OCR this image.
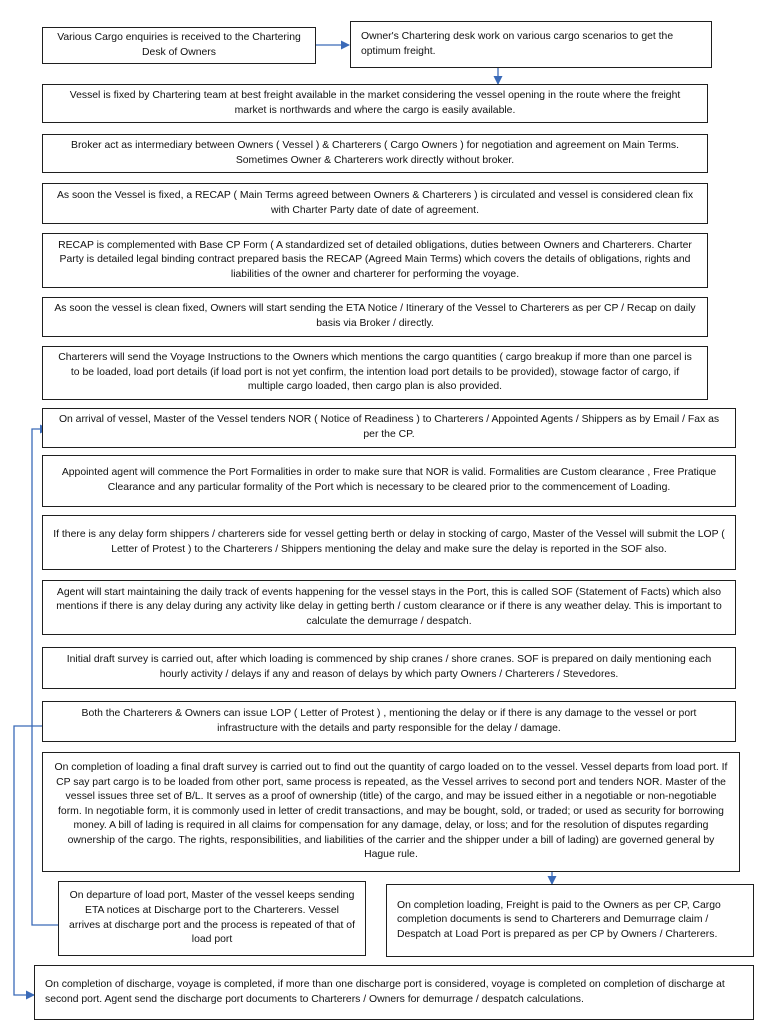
Various Cargo enquiries is received to the Chartering Desk of Owners
Owner's Chartering desk work on various cargo scenarios to get the optimum freight.
Vessel is fixed by Chartering team at best freight available in the market considering the vessel opening in the route where the freight market is northwards and where the cargo is easily available.
Broker act as intermediary between Owners ( Vessel ) & Charterers ( Cargo Owners ) for negotiation and agreement on Main Terms. Sometimes Owner & Charterers work directly without broker.
As soon the Vessel is fixed, a RECAP ( Main Terms agreed between Owners & Charterers ) is circulated and vessel is considered clean fix with Charter Party date of date of agreement.
RECAP is complemented with Base CP Form ( A standardized set of detailed obligations, duties between Owners and Charterers. Charter Party is detailed legal binding contract prepared basis the RECAP (Agreed Main Terms) which covers the details of obligations, rights and liabilities of the owner and charterer for performing the voyage.
As soon the vessel is clean fixed, Owners will start sending the ETA Notice / Itinerary of the Vessel to Charterers as per CP / Recap on daily basis via Broker / directly.
Charterers will send the Voyage Instructions to the Owners which mentions the cargo quantities ( cargo breakup if more than one parcel is to be loaded, load port details (if load port is not yet confirm, the intention load port details to be provided), stowage factor of cargo, if multiple cargo loaded, then cargo plan is also provided.
On arrival of vessel, Master of the Vessel tenders NOR ( Notice of Readiness ) to Charterers / Appointed Agents / Shippers as by Email / Fax as per the CP.
Appointed agent will commence the Port Formalities in order to make sure that NOR is valid. Formalities are Custom clearance , Free Pratique Clearance and any particular formality of the Port which is necessary to be cleared prior to the commencement of Loading.
If there is any delay form shippers / charterers side for vessel getting berth or delay in stocking of cargo, Master of the Vessel will submit the LOP ( Letter of Protest ) to the Charterers / Shippers mentioning the delay and make sure the delay is reported in the SOF also.
Agent will start maintaining the daily track of events happening for the vessel stays in the Port, this is called SOF (Statement of Facts) which also mentions if there is any delay during any activity like delay in getting berth / custom clearance or if there is any weather delay. This is important to calculate the demurrage / despatch.
Initial draft survey is carried out, after which loading is commenced by ship cranes / shore cranes. SOF is prepared on daily mentioning each hourly activity / delays if any and reason of delays by which party Owners / Charterers / Stevedores.
Both the Charterers & Owners can issue LOP ( Letter of Protest ) , mentioning the delay or if there is any damage to the vessel or port infrastructure with the details and party responsible for the delay / damage.
On completion of loading a final draft survey is carried out to find out the quantity of cargo loaded on to the vessel. Vessel departs from load port. If CP say part cargo is to be loaded from other port, same process is repeated, as the Vessel arrives to second port and tenders NOR. Master of the vessel issues three set of B/L. It serves as a proof of ownership (title) of the cargo, and may be issued either in a negotiable or non-negotiable form. In negotiable form, it is commonly used in letter of credit transactions, and may be bought, sold, or traded; or used as security for borrowing money. A bill of lading is required in all claims for compensation for any damage, delay, or loss; and for the resolution of disputes regarding ownership of the cargo. The rights, responsibilities, and liabilities of the carrier and the shipper under a bill of lading) are governed general by Hague rule.
On departure of load port, Master of the vessel keeps sending ETA notices at Discharge port to the Charterers. Vessel arrives at discharge port and the process is repeated of that of load port
On completion loading, Freight is paid to the Owners as per CP, Cargo completion documents is send to Charterers and Demurrage claim / Despatch at Load Port is prepared as per CP by Owners / Charterers.
On completion of discharge, voyage is completed, if more than one discharge port is considered, voyage is completed on completion of discharge at second port. Agent send the discharge port documents to Charterers / Owners for demurrage / despatch calculations.
